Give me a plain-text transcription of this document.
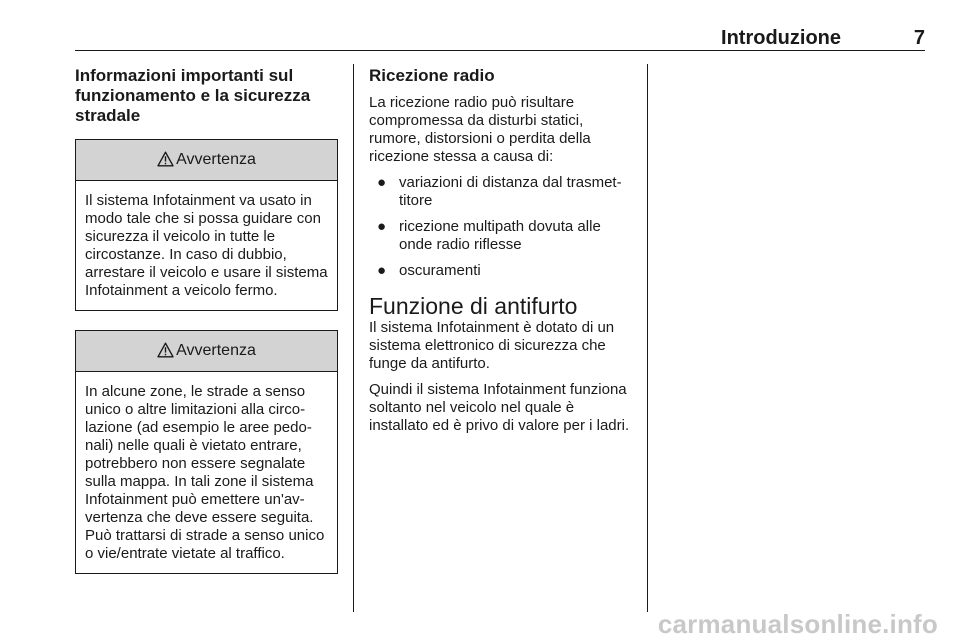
Introduzione	7
Informazioni importanti sul funzionamento e la sicurezza stradale
Avvertenza
Il sistema Infotainment va usato in modo tale che si possa guidare con sicurezza il veicolo in tutte le circostanze. In caso di dubbio, arrestare il veicolo e usare il sistema Infotainment a veicolo fermo.
Avvertenza
In alcune zone, le strade a senso unico o altre limitazioni alla circolazione (ad esempio le aree pedonali) nelle quali è vietato entrare, potrebbero non essere segnalate sulla mappa. In tali zone il sistema Infotainment può emettere un'avvertenza che deve essere seguita. Può trattarsi di strade a senso unico o vie/entrate vietate al traffico.
Ricezione radio

La ricezione radio può risultare compromessa da disturbi statici, rumore, distorsioni o perdita della ricezione stessa a causa di:

● variazioni di distanza dal trasmettitore
● ricezione multipath dovuta alle onde radio riflesse
● oscuramenti
Funzione di antifurto

Il sistema Infotainment è dotato di un sistema elettronico di sicurezza che funge da antifurto.

Quindi il sistema Infotainment funziona soltanto nel veicolo nel quale è installato ed è privo di valore per i ladri.

carmanualsonline.info
